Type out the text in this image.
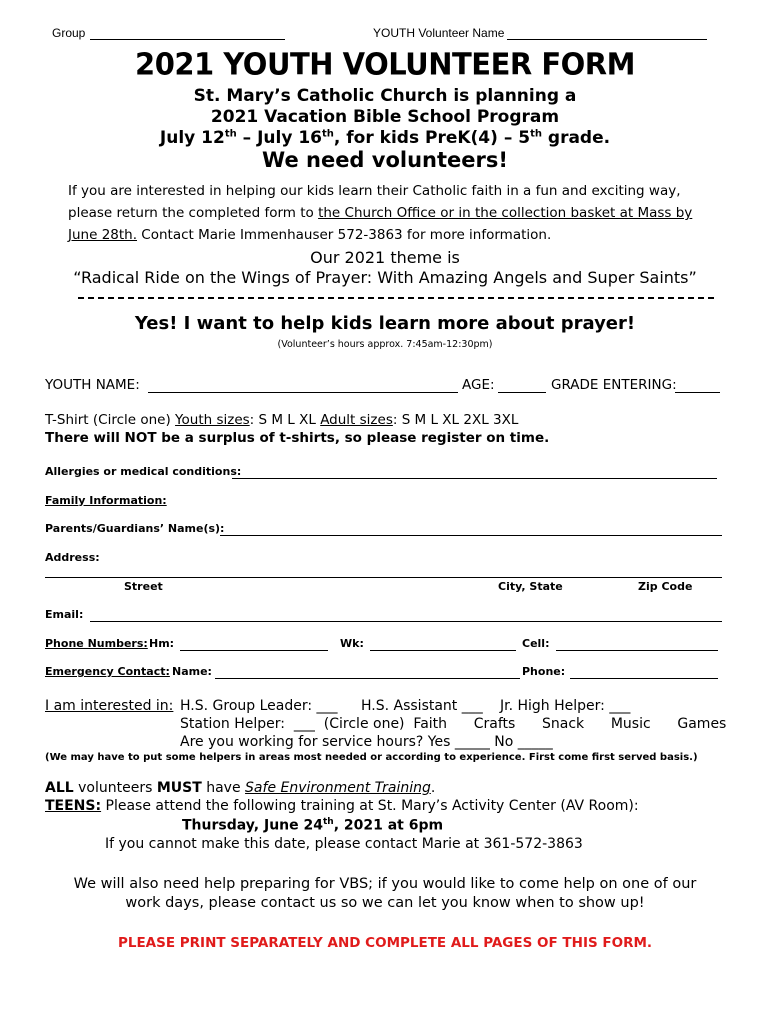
Group	YOUTH Volunteer Name
2021 YOUTH VOLUNTEER FORM
St. Mary’s Catholic Church is planning a
2021 Vacation Bible School Program
July 12th – July 16th, for kids PreK(4) – 5th grade.
We need volunteers!
If you are interested in helping our kids learn their Catholic faith in a fun and exciting way,
please return the completed form to the Church Office or in the collection basket at Mass by
June 28th. Contact Marie Immenhauser 572-3863 for more information.
Our 2021 theme is
“Radical Ride on the Wings of Prayer: With Amazing Angels and Super Saints”
Yes! I want to help kids learn more about prayer!
(Volunteer’s hours approx. 7:45am-12:30pm)
YOUTH NAME:	AGE:	GRADE ENTERING:
T-Shirt (Circle one) Youth sizes: S M L XL Adult sizes: S M L XL 2XL 3XL
There will NOT be a surplus of t-shirts, so please register on time.
Allergies or medical conditions:
Family Information:
Parents/Guardians’ Name(s):
Address:
Street	City, State	Zip Code
Email:
Phone Numbers: Hm:	Wk:	Cell:
Emergency Contact: Name:	Phone:
I am interested in: H.S. Group Leader: ___ H.S. Assistant ___ Jr. High Helper: ___
Station Helper:  ___  (Circle one)  Faith      Crafts      Snack      Music      Games
Are you working for service hours? Yes _____ No _____
(We may have to put some helpers in areas most needed or according to experience. First come first served basis.)
ALL volunteers MUST have Safe Environment Training.
TEENS: Please attend the following training at St. Mary’s Activity Center (AV Room):
Thursday, June 24th, 2021 at 6pm
If you cannot make this date, please contact Marie at 361-572-3863
We will also need help preparing for VBS; if you would like to come help on one of our
work days, please contact us so we can let you know when to show up!
PLEASE PRINT SEPARATELY AND COMPLETE ALL PAGES OF THIS FORM.
